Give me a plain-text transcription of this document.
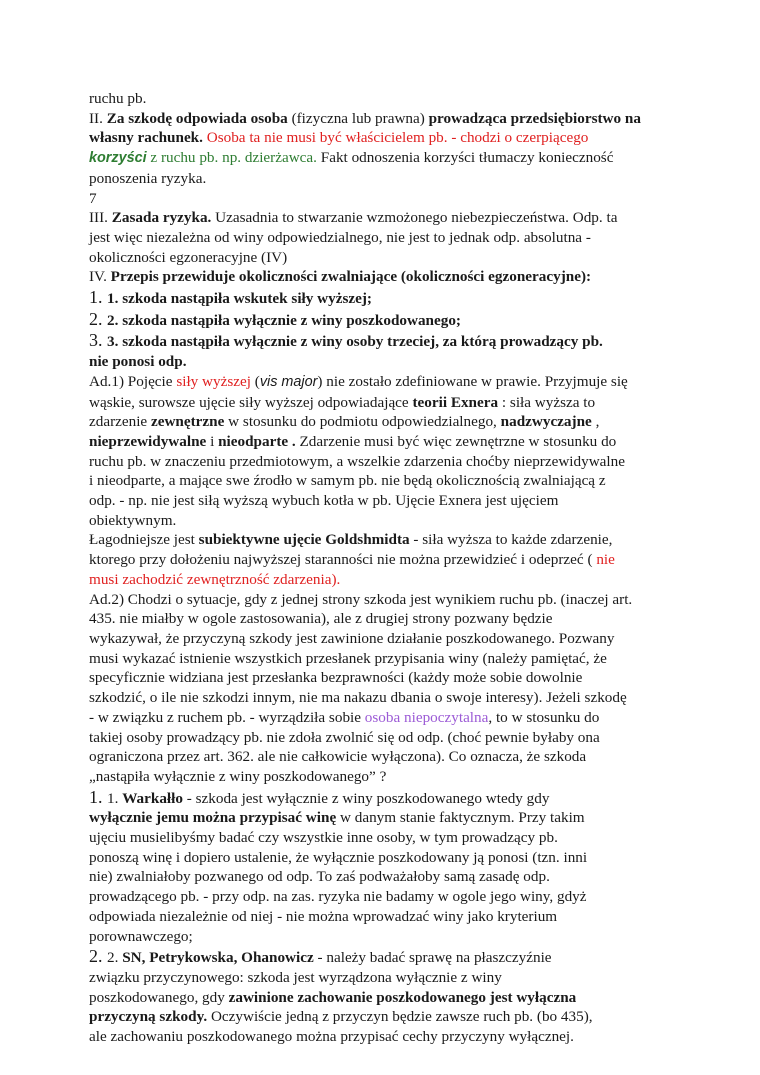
ruchu pb.
II. Za szkodę odpowiada osoba (fizyczna lub prawna) prowadząca przedsiębiorstwo na
własny rachunek. Osoba ta nie musi być właścicielem pb. ‑ chodzi o czerpiącego
korzyści z ruchu pb. np. dzierżawca. Fakt odnoszenia korzyści tłumaczy konieczność
ponoszenia ryzyka.
7
III. Zasada ryzyka. Uzasadnia to stwarzanie wzmożonego niebezpieczeństwa. Odp. ta
jest więc niezależna od winy odpowiedzialnego, nie jest to jednak odp. absolutna ‑
okoliczności egzoneracyjne (IV)
IV. Przepis przewiduje okoliczności zwalniające (okoliczności egzoneracyjne):
1. 1. szkoda nastąpiła wskutek siły wyższej;
2. 2. szkoda nastąpiła wyłącznie z winy poszkodowanego;
3. 3. szkoda nastąpiła wyłącznie z winy osoby trzeciej, za którą prowadzący pb.
nie ponosi odp.
Ad.1) Pojęcie siły wyższej (vis major) nie zostało zdefiniowane w prawie. Przyjmuje się
wąskie, surowsze ujęcie siły wyższej odpowiadające teorii Exnera : siła wyższa to
zdarzenie zewnętrzne w stosunku do podmiotu odpowiedzialnego, nadzwyczajne ,
nieprzewidywalne i nieodparte . Zdarzenie musi być więc zewnętrzne w stosunku do
ruchu pb. w znaczeniu przedmiotowym, a wszelkie zdarzenia choćby nieprzewidywalne
i nieodparte, a mające swe źrodło w samym pb. nie będą okolicznością zwalniającą z
odp. ‑ np. nie jest siłą wyższą wybuch kotła w pb. Ujęcie Exnera jest ujęciem
obiektywnym.
Łagodniejsze jest subiektywne ujęcie Goldshmidta ‑ siła wyższa to każde zdarzenie,
ktorego przy dołożeniu najwyższej staranności nie można przewidzieć i odeprzeć ( nie
musi zachodzić zewnętrzność zdarzenia).
Ad.2) Chodzi o sytuacje, gdy z jednej strony szkoda jest wynikiem ruchu pb. (inaczej art.
435. nie miałby w ogole zastosowania), ale z drugiej strony pozwany będzie
wykazywał, że przyczyną szkody jest zawinione działanie poszkodowanego. Pozwany
musi wykazać istnienie wszystkich przesłanek przypisania winy (należy pamiętać, że
specyficznie widziana jest przesłanka bezprawności (każdy może sobie dowolnie
szkodzić, o ile nie szkodzi innym, nie ma nakazu dbania o swoje interesy). Jeżeli szkodę
‑ w związku z ruchem pb. ‑ wyrządziła sobie osoba niepoczytalna, to w stosunku do
takiej osoby prowadzący pb. nie zdoła zwolnić się od odp. (choć pewnie byłaby ona
ograniczona przez art. 362. ale nie całkowicie wyłączona). Co oznacza, że szkoda
„nastąpiła wyłącznie z winy poszkodowanego” ?
1. 1. Warkałło ‑ szkoda jest wyłącznie z winy poszkodowanego wtedy gdy
wyłącznie jemu można przypisać winę w danym stanie faktycznym. Przy takim
ujęciu musielibyśmy badać czy wszystkie inne osoby, w tym prowadzący pb.
ponoszą winę i dopiero ustalenie, że wyłącznie poszkodowany ją ponosi (tzn. inni
nie) zwalniałoby pozwanego od odp. To zaś podważałoby samą zasadę odp.
prowadzącego pb. ‑ przy odp. na zas. ryzyka nie badamy w ogole jego winy, gdyż
odpowiada niezależnie od niej ‑ nie można wprowadzać winy jako kryterium
porownawczego;
2. 2. SN, Petrykowska, Ohanowicz ‑ należy badać sprawę na płaszczyźnie
związku przyczynowego: szkoda jest wyrządzona wyłącznie z winy
poszkodowanego, gdy zawinione zachowanie poszkodowanego jest wyłączna
przyczyną szkody. Oczywiście jedną z przyczyn będzie zawsze ruch pb. (bo 435),
ale zachowaniu poszkodowanego można przypisać cechy przyczyny wyłącznej.
